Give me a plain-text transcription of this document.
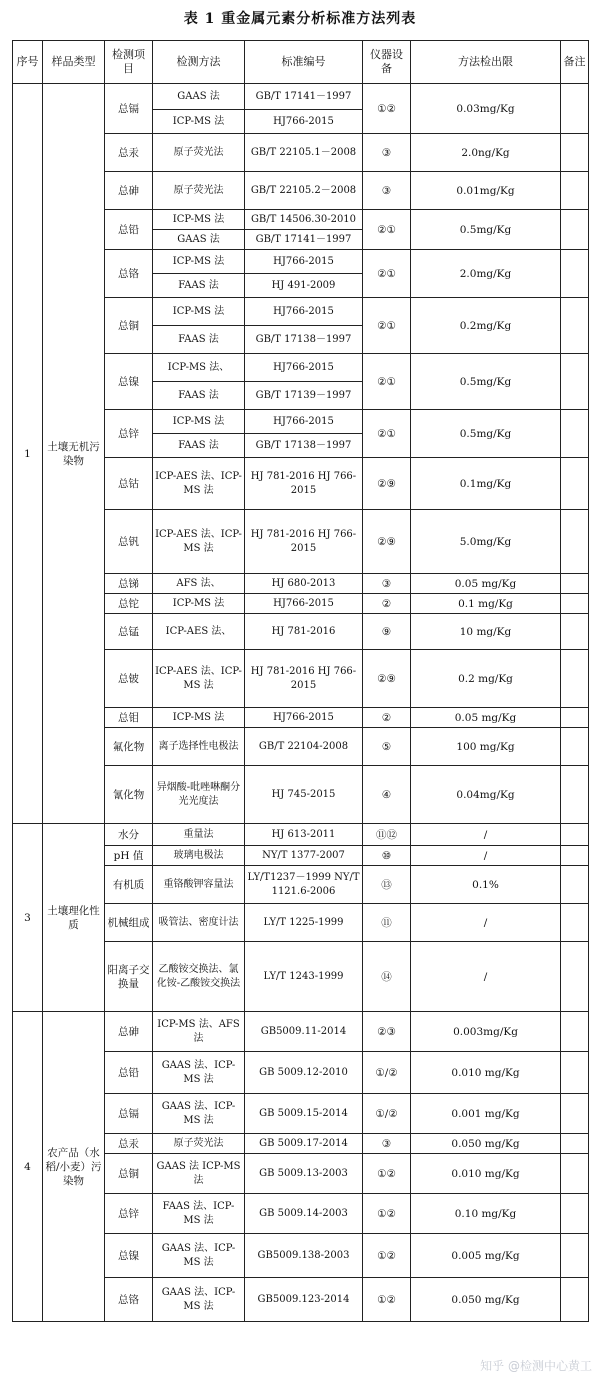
表 1 重金属元素分析标准方法列表
序号	样品类型	检测项目	检测方法	标准编号	仪器设备	方法检出限	备注
1	土壤无机污染物	总镉	GAAS 法	GB/T 17141－1997	①②	0.03mg/Kg	
			ICP-MS 法	HJ766-2015			
		总汞	原子荧光法	GB/T 22105.1－2008	③	2.0ng/Kg	
		总砷	原子荧光法	GB/T 22105.2－2008	③	0.01mg/Kg	
		总铅	ICP-MS 法	GB/T 14506.30-2010	②①	0.5mg/Kg	
			GAAS 法	GB/T 17141－1997			
		总铬	ICP-MS 法	HJ766-2015	②①	2.0mg/Kg	
			FAAS 法	HJ 491-2009			
		总铜	ICP-MS 法	HJ766-2015	②①	0.2mg/Kg	
			FAAS 法	GB/T 17138－1997			
		总镍	ICP-MS 法、	HJ766-2015	②①	0.5mg/Kg	
			FAAS 法	GB/T 17139－1997			
		总锌	ICP-MS 法	HJ766-2015	②①	0.5mg/Kg	
			FAAS 法	GB/T 17138－1997			
		总钴	ICP-AES 法、ICP-MS 法	HJ 781-2016 HJ 766-2015	②⑨	0.1mg/Kg	
		总钒	ICP-AES 法、ICP-MS 法	HJ 781-2016 HJ 766-2015	②⑨	5.0mg/Kg	
		总锑	AFS 法、	HJ 680-2013	③	0.05 mg/Kg	
		总铊	ICP-MS 法	HJ766-2015	②	0.1 mg/Kg	
		总锰	ICP-AES 法、	HJ 781-2016	⑨	10 mg/Kg	
		总铍	ICP-AES 法、ICP-MS 法	HJ 781-2016 HJ 766-2015	②⑨	0.2 mg/Kg	
		总钼	ICP-MS 法	HJ766-2015	②	0.05 mg/Kg	
		氟化物	离子选择性电极法	GB/T 22104-2008	⑤	100 mg/Kg	
		氰化物	异烟酸-吡唑啉酮分光光度法	HJ 745-2015	④	0.04mg/Kg	
3	土壤理化性质	水分	重量法	HJ 613-2011	⑪⑫	/	
		pH 值	玻璃电极法	NY/T 1377-2007	⑩	/	
		有机质	重铬酸钾容量法	LY/T1237－1999 NY/T 1121.6-2006	⑬	0.1%	
		机械组成	吸管法、密度计法	LY/T 1225-1999	⑪	/	
		阳离子交换量	乙酸铵交换法、氯化铵-乙酸铵交换法	LY/T 1243-1999	⑭	/	
4	农产品（水稻/小麦）污染物	总砷	ICP-MS 法、AFS 法	GB5009.11-2014	②③	0.003mg/Kg	
		总铅	GAAS 法、ICP-MS 法	GB 5009.12-2010	①/②	0.010 mg/Kg	
		总镉	GAAS 法、ICP-MS 法	GB 5009.15-2014	①/②	0.001 mg/Kg	
		总汞	原子荧光法	GB 5009.17-2014	③	0.050 mg/Kg	
		总铜	GAAS 法 ICP-MS 法	GB 5009.13-2003	①②	0.010 mg/Kg	
		总锌	FAAS 法、ICP-MS 法	GB 5009.14-2003	①②	0.10 mg/Kg	
		总镍	GAAS 法、ICP-MS 法	GB5009.138-2003	①②	0.005 mg/Kg	
		总铬	GAAS 法、ICP-MS 法	GB5009.123-2014	①②	0.050 mg/Kg	
知乎 @检测中心黄工
